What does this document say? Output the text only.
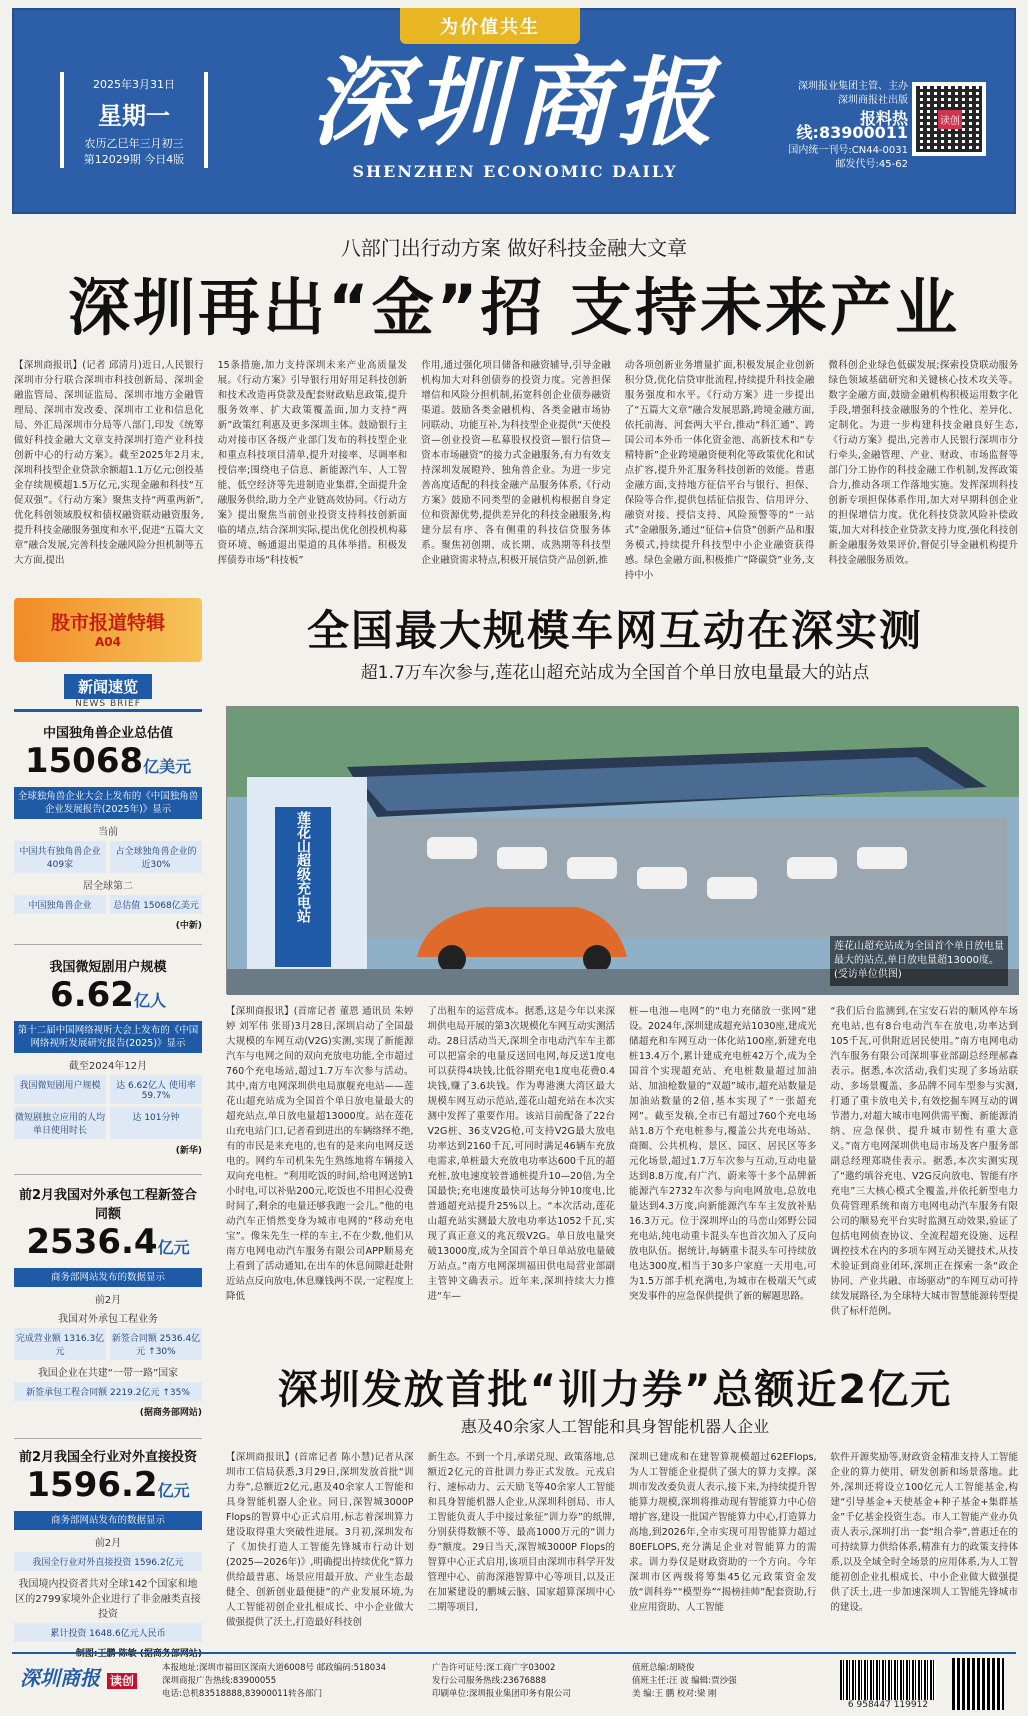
为价值共生
2025年3月31日
星期一
农历乙巳年三月初三
第12029期 今日4版
深圳商报
SHENZHEN ECONOMIC DAILY
深圳报业集团主管、主办
深圳商报社出版
报料热线:83900011
国内统一刊号:CN44-0031
邮发代号:45-62
读创
八部门出行动方案 做好科技金融大文章
深圳再出“金”招 支持未来产业
【深圳商报讯】(记者 邱清月)近日,人民银行深圳市分行联合深圳市科技创新局、深圳金融监管局、深圳证监局、深圳市地方金融管理局、深圳市发改委、深圳市工业和信息化局、外汇局深圳市分局等八部门,印发《统筹做好科技金融大文章支持深圳打造产业科技创新中心的行动方案》。截至2025年2月末,深圳科技型企业贷款余额超1.1万亿元;创投基金存续规模超1.5万亿元,实现金融和科技“互促双强”。《行动方案》聚焦支持“两重两新”,优化科创领域股权和债权融资联动融资服务,提升科技金融服务强度和水平,促进“五篇大文章”融合发展,完善科技金融风险分担机制等五大方面,提出
15条措施,加力支持深圳未来产业高质量发展。《行动方案》引导银行用好用足科技创新和技术改造再贷款及配套财政贴息政策,提升服务效率、扩大政策覆盖面,加力支持“两新”政策红利惠及更多深圳主体。鼓励银行主动对接市区各级产业部门发布的科技型企业和重点科技项目清单,提升对接率、尽调率和授信率;围绕电子信息、新能源汽车、人工智能、低空经济等先进制造业集群,全面提升金融服务供给,助力全产业链高效协同。《行动方案》提出聚焦当前创业投资支持科技创新面临的堵点,结合深圳实际,提出优化创投机构募资环境、畅通退出渠道的具体举措。积极发挥债券市场“科技板”
作用,通过强化项目储备和融资辅导,引导金融机构加大对科创债券的投资力度。完善担保增信和风险分担机制,拓宽科创企业债券融资渠道。鼓励各类金融机构、各类金融市场协同联动、功能互补,为科技型企业提供“天使投资—创业投资—私募股权投资—银行信贷—资本市场融资”的接力式金融服务,有力有效支持深圳发展瞪羚、独角兽企业。为进一步完善高度适配的科技金融产品服务体系,《行动方案》鼓励不同类型的金融机构根据自身定位和资源优势,提供差异化的科技金融服务,构建分层有序、各有侧重的科技信贷服务体系。聚焦初创期、成长期、成熟期等科技型企业融资需求特点,积极开展信贷产品创新,推
动各项创新业务增量扩面,积极发展企业创新积分贷,优化信贷审批流程,持续提升科技金融服务强度和水平。《行动方案》进一步提出了“五篇大文章”融合发展思路,跨境金融方面,依托前海、河套两大平台,推动“科汇通”、跨国公司本外币一体化资金池、高新技术和“专精特新”企业跨境融资便利化等政策优化和试点扩容,提升外汇服务科技创新的效能。普惠金融方面,支持地方征信平台与银行、担保、保险等合作,提供包括征信报告、信用评分、融资对接、授信支持、风险预警等的“一站式”金融服务,通过“征信+信贷”创新产品和服务模式,持续提升科技型中小企业融资获得感。绿色金融方面,积极推广“降碳贷”业务,支持中小
微科创企业绿色低碳发展;探索投贷联动服务绿色领域基础研究和关键核心技术攻关等。数字金融方面,鼓励金融机构积极运用数字化手段,增强科技金融服务的个性化、差异化、定制化。为进一步构建科技金融良好生态,《行动方案》提出,完善市人民银行深圳市分行牵头,金融管理、产业、财政、市场监督等部门分工协作的科技金融工作机制,发挥政策合力,推动各项工作落地实施。发挥深圳科技创新专项担保体系作用,加大对早期科创企业的担保增信力度。优化科技贷款风险补偿政策,加大对科技企业贷款支持力度,强化科技创新金融服务效果评价,督促引导金融机构提升科技金融服务质效。
股市报道特辑
A04
新闻速览
NEWS BRIEF
中国独角兽企业总估值
15068亿美元
全球独角兽企业大会上发布的《中国独角兽企业发展报告(2025年)》显示
当前
中国共有独角兽企业 409家
占全球独角兽企业的 近30%
居全球第二
中国独角兽企业	总估值 15068亿美元
(中新)
我国微短剧用户规模
6.62亿人
第十二届中国网络视听大会上发布的《中国网络视听发展研究报告(2025)》显示
截至2024年12月
我国微短剧用户规模	达 6.62亿人 使用率 59.7%
微短剧独立应用的人均单日使用时长
达 101分钟
(新华)
前2月我国对外承包工程新签合同额
2536.4亿元
商务部网站发布的数据显示
前2月
我国对外承包工程业务
完成营业额 1316.3亿元
新签合同额 2536.4亿元 ↑30%
我国企业在共建“一带一路”国家
新签承包工程合同额 2219.2亿元 ↑35%
(据商务部网站)
前2月我国全行业对外直接投资
1596.2亿元
商务部网站发布的数据显示
前2月
我国全行业对外直接投资 1596.2亿元
我国境内投资者共对全球142个国家和地区的2799家境外企业进行了非金融类直接投资
累计投资 1648.6亿元人民币
制图:王鹏 陈敏 (据商务部网站)
全国最大规模车网互动在深实测
超1.7万车次参与,莲花山超充站成为全国首个单日放电量最大的站点
莲花山超级充电站
莲花山超充站成为全国首个单日放电量最大的站点,单日放电量超13000度。(受访单位供图)
【深圳商报讯】(首席记者 董恩 通讯员 朱婷婷 刘军伟 张哥)3月28日,深圳启动了全国最大规模的车网互动(V2G)实测,实现了新能源汽车与电网之间的双向充放电功能,全市超过760个充电场站,超过1.7万车次参与活动。其中,南方电网深圳供电局旗舰充电站——莲花山超充站成为全国首个单日放电量最大的超充站点,单日放电量超13000度。站在莲花山充电站门口,记者看到进出的车辆络绎不绝,有的市民是来充电的,也有的是来向电网反送电的。网约车司机朱先生熟练地将车辆接入双向充电桩。“利用吃饭的时间,给电网送钠1小时电,可以补贴200元,吃饭也不用担心没费时间了,剩余的电量还够我跑一会儿。”他的电动汽车正悄然变身为城市电网的“移动充电宝”。像朱先生一样的车主,不在少数,他们从南方电网电动汽车服务有限公司APP顺易充上看到了活动通知,在出车的休息间隙赶赴附近站点反向放电,休息赚钱两不误,一定程度上降低
了出租车的运营成本。据悉,这是今年以来深圳供电局开展的第3次规模化车网互动实测活动。28日活动当天,深圳全市电动汽车车主都可以把富余的电量反送回电网,每反送1度电可以获得4块钱,比低谷期充电1度电花费0.4块钱,赚了3.6块钱。作为粤港澳大湾区最大规模车网互动示范站,莲花山超充站在本次实测中发挥了重要作用。该站目前配备了22台V2G桩、36支V2G枪,可支持V2G最大放电功率达到2160千瓦,可同时满足46辆车充放电需求,单桩最大充放电功率达600千瓦的超充桩,放电速度较普通桩提升10—20倍,为全国最快;充电速度最快可达每分钟10度电,比普通超充站提升25%以上。“本次活动,莲花山超充站实测最大放电功率达1052千瓦,实现了真正意义的兆瓦级V2G。单日放电量突破13000度,成为全国首个单日单站放电量破万站点。”南方电网深圳福田供电局营业部副主管钟文确表示。近年来,深圳持续大力推进“车—
桩—电池—电网”的“电力充储放一张网”建设。2024年,深圳建成超充站1030座,建成光储超充和车网互动一体化站100座,新建充电桩13.4万个,累计建成充电桩42万个,成为全国首个实现超充站、充电桩数量超过加油站、加油枪数量的“双超”城市,超充站数量是加油站数量的2倍,基本实现了“一张超充网”。截至发稿,全市已有超过760个充电场站1.8万个充电桩参与,覆盖公共充电场站、商圈、公共机构、景区、园区、居民区等多元化场景,超过1.7万车次参与互动,互动电量达到8.8万度,有广汽、蔚来等十多个品牌新能源汽车2732车次参与向电网放电,总放电量达到4.3万度,向新能源汽车车主发放补贴16.3万元。位于深圳坪山的马峦山郊野公园充电站,纯电动重卡混头车也首次加入了反向放电队伍。据统计,每辆重卡混头车可持续放电达300度,相当于30多户家庭一天用电,可为1.5万部手机充满电,为城市在极端天气或突发事件的应急保供提供了新的解题思路。
“我们后台监测到,在宝安石岩的顺风停车场充电站,也有8台电动汽车在放电,功率达到105千瓦,可供附近居民使用。”南方电网电动汽车服务有限公司深圳事业部副总经理郝森表示。据悉,本次活动,我们实现了多场站联动、多场景覆盖、多品牌不同车型参与实测,打通了重卡放电关卡,有效挖掘车网互动的调节潜力,对超大城市电网供需平衡、新能源消纳、应急保供、提升城市韧性有重大意义。”南方电网深圳供电局市场及客户服务部副总经理郑晓佳表示。据悉,本次实测实现了“邀约填谷充电、V2G反向放电、智能有序充电”三大核心模式全覆盖,并依托新型电力负荷管理系统和南方电网电动汽车服务有限公司的顺易充平台实时监测互动效果,验证了包括电网侦查协议、全流程超充设施、远程调控技术在内的多项车网互动关键技术,从技术验证到商业闭环,深圳正在探索一条“政企协同、产业共融、市场驱动”的车网互动可持续发展路径,为全球特大城市智慧能源转型提供了标杆范例。
深圳发放首批“训力券”总额近2亿元
惠及40余家人工智能和具身智能机器人企业
【深圳商报讯】(首席记者 陈小慧)记者从深圳市工信局获悉,3月29日,深圳发放首批“训力券”,总额近2亿元,惠及40余家人工智能和具身智能机器人企业。同日,深智城3000P Flops的智算中心正式启用,标志着深圳算力建设取得重大突破性进展。3月初,深圳发布了《加快打造人工智能先锋城市行动计划(2025—2026年)》,明确提出持续优化“算力供给最普惠、场景应用最开放、产业生态最健全、创新创业最便捷”的产业发展环境,为人工智能初创企业扎根成长、中小企业做大做强提供了沃土,打造最好科技创
新生态。不到一个月,承诺兑现、政策落地,总额近2亿元的首批训力券正式发放。元戎启行、速标动力、云天励飞等40余家人工智能和具身智能机器人企业,从深圳科创局、市人工智能负责人手中接过象征“训力券”的纸牌,分别获得数额不等、最高1000万元的“训力券”额度。29日当天,深智城3000P Flops的智算中心正式启用,该项目由深圳市科学开发管理中心、前海深港智算中心等项目,以及正在加紧建设的鹏城云脑、国家超算深圳中心二期等项目,
深圳已建成和在建智算规模超过62EFlops,为人工智能企业提供了强大的算力支撑。深圳市发改委负责人表示,接下来,为持续提升智能算力规模,深圳将推动现有智能算力中心倍增扩容,建设一批国产智能算力中心,打造算力高地,到2026年,全市实现可用智能算力超过80EFLOPS,充分满足企业对智能算力的需求。训力券仅是财政资助的一个方向。今年深圳市区两级将筹集45亿元政策资金发放“训科券”“模型券”“揭榜挂帅”配套资助,行业应用资助、人工智能
软件开源奖励等,财政资金精准支持人工智能企业的算力使用、研发创新和场景落地。此外,深圳还将设立100亿元人工智能基金,构建“引导基金+天使基金+种子基金+集群基金”千亿基金投资生态。市人工智能产业办负责人表示,深圳打出一套“组合拳”,普惠迁在的可持续算力供给体系,精准有力的政策支持体系,以及全域全时全场景的应用体系,为人工智能初创企业扎根成长、中小企业做大做强提供了沃土,进一步加速深圳人工智能先锋城市的建设。
深圳商报 读创
本报地址:深圳市福田区深南大道6008号 邮政编码:518034
深圳商报广告热线:83900055
电话:总机83518888,83900011转各部门
广告许可证号:深工商广字03002
发行公司服务热线:23676888
印刷单位:深圳报业集团印务有限公司
值班总编:胡晓俊
值班主任:汪 波 编辑:贾沙强
美 编:王 鹏 校对:梁 刚
6 958447 119912
